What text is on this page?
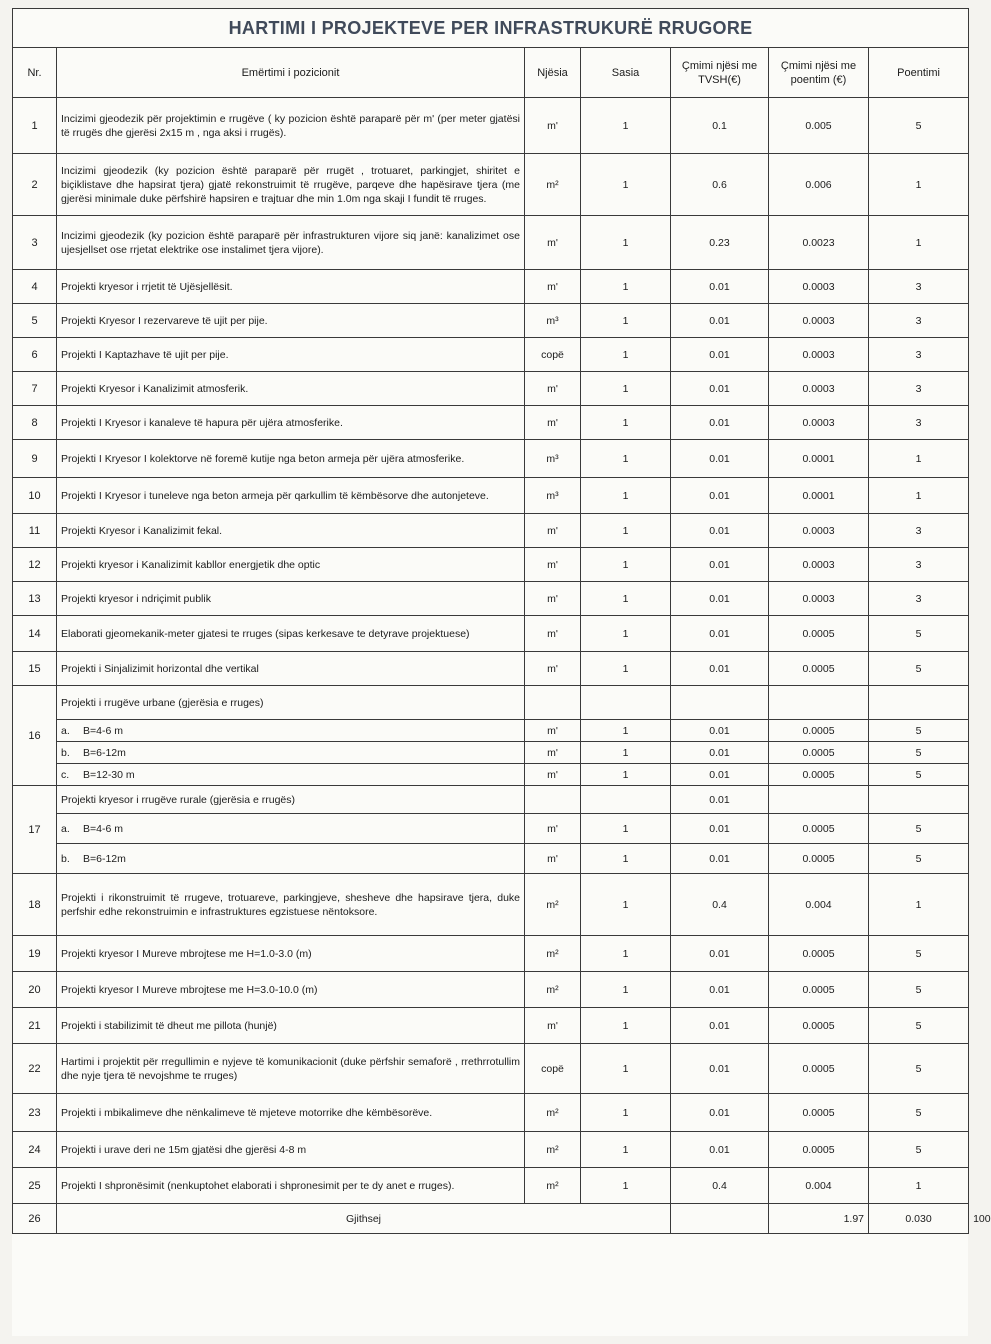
HARTIMI I PROJEKTEVE PER INFRASTRUKURË RRUGORE							
Nr.	Emërtimi i pozicionit	Njësia	Sasia	Çmimi njësi me TVSH(€)	Çmimi njësi me poentim (€)	Poentimi	
1	Incizimi gjeodezik për projektimin e rrugëve ( ky pozicion është paraparë për m' (per meter gjatësi të rrugës dhe gjerësi 2x15 m , nga aksi i rrugës).	m'	1	0.1	0.005	5	
2	Incizimi gjeodezik (ky pozicion është paraparë për rrugët , trotuaret, parkingjet, shiritet e biçiklistave dhe hapsirat tjera) gjatë rekonstruimit të rrugëve, parqeve dhe hapësirave tjera (me gjerësi minimale duke përfshirë hapsiren e trajtuar dhe min 1.0m nga skaji I fundit të rruges.	m²	1	0.6	0.006	1	
3	Incizimi gjeodezik (ky pozicion është paraparë për infrastrukturen vijore siq janë: kanalizimet ose ujesjellset ose rrjetat elektrike ose instalimet tjera vijore).	m'	1	0.23	0.0023	1	
4	Projekti kryesor i rrjetit të Ujësjellësit.	m'	1	0.01	0.0003	3	
5	Projekti Kryesor I rezervareve të ujit per pije.	m³	1	0.01	0.0003	3	
6	Projekti I Kaptazhave të ujit per pije.	copë	1	0.01	0.0003	3	
7	Projekti Kryesor i Kanalizimit atmosferik.	m'	1	0.01	0.0003	3	
8	Projekti I Kryesor i kanaleve të hapura për ujëra atmosferike.	m'	1	0.01	0.0003	3	
9	Projekti I Kryesor I kolektorve në foremë kutije nga beton armeja për ujëra atmosferike.	m³	1	0.01	0.0001	1	
10	Projekti I Kryesor i tuneleve nga beton armeja për qarkullim të këmbësorve dhe autonjeteve.	m³	1	0.01	0.0001	1	
11	Projekti Kryesor i Kanalizimit fekal.	m'	1	0.01	0.0003	3	
12	Projekti kryesor i Kanalizimit kabllor energjetik dhe optic	m'	1	0.01	0.0003	3	
13	Projekti kryesor i ndriçimit publik	m'	1	0.01	0.0003	3	
14	Elaborati gjeomekanik-meter gjatesi te rruges (sipas kerkesave te detyrave projektuese)	m'	1	0.01	0.0005	5	
15	Projekti i Sinjalizimit horizontal dhe vertikal	m'	1	0.01	0.0005	5	
16	Projekti i rrugëve urbane (gjerësia e rruges)						
	a. B=4-6 m	m'	1	0.01	0.0005	5	
	b. B=6-12m	m'	1	0.01	0.0005	5	
	c. B=12-30 m	m'	1	0.01	0.0005	5	
17	Projekti kryesor i rrugëve rurale (gjerësia e rrugës)			0.01			
	a. B=4-6 m	m'	1	0.01	0.0005	5	
	b. B=6-12m	m'	1	0.01	0.0005	5	
18	Projekti i rikonstruimit të rrugeve, trotuareve, parkingjeve, shesheve dhe hapsirave tjera, duke perfshir edhe rekonstruimin e infrastruktures egzistuese nëntoksore.	m²	1	0.4	0.004	1	
19	Projekti kryesor I Mureve mbrojtese me H=1.0-3.0 (m)	m²	1	0.01	0.0005	5	
20	Projekti kryesor I Mureve mbrojtese me H=3.0-10.0 (m)	m²	1	0.01	0.0005	5	
21	Projekti i stabilizimit të dheut me pillota (hunjë)	m'	1	0.01	0.0005	5	
22	Hartimi i projektit për rregullimin e nyjeve të komunikacionit (duke përfshir semaforë , rrethrrotullim dhe nyje tjera të nevojshme te rruges)	copë	1	0.01	0.0005	5	
23	Projekti i mbikalimeve dhe nënkalimeve të mjeteve motorrike dhe këmbësorëve.	m²	1	0.01	0.0005	5	
24	Projekti i urave deri ne 15m gjatësi dhe gjerësi 4-8 m	m²	1	0.01	0.0005	5	
25	Projekti I shpronësimit (nenkuptohet elaborati i shpronesimit per te dy anet e rruges).	m²	1	0.4	0.004	1	
26	Gjithsej				1.97	0.030	100
